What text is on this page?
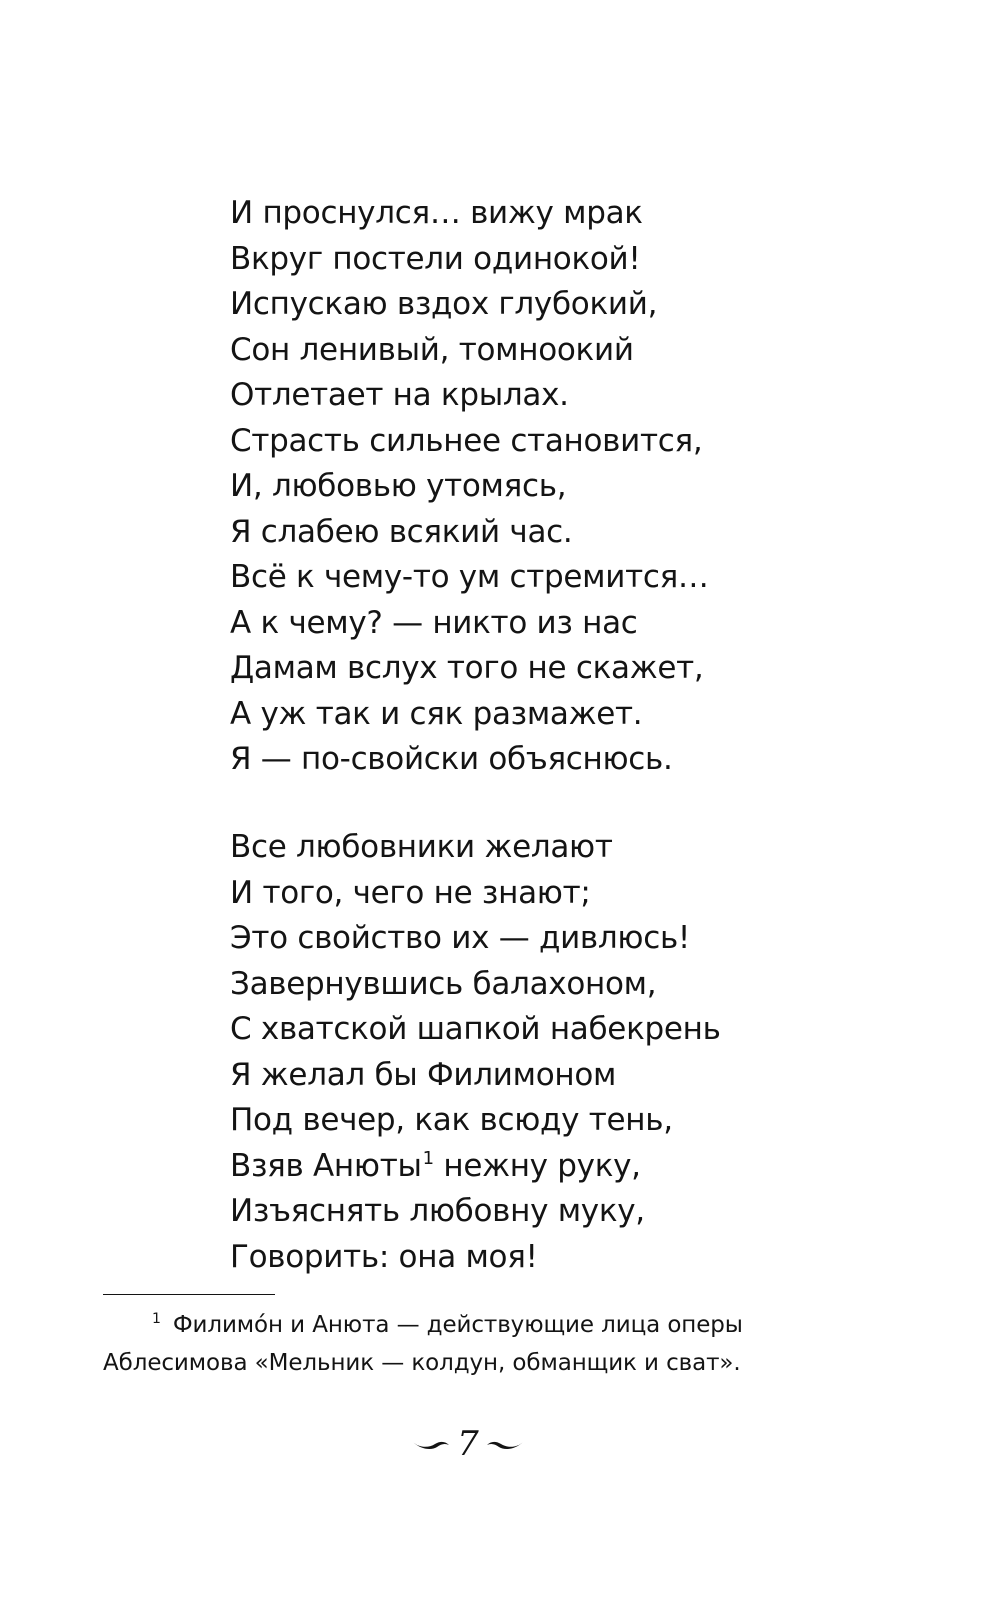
И проснулся… вижу мрак
Вкруг постели одинокой!
Испускаю вздох глубокий,
Сон ленивый, томноокий
Отлетает на крылах.
Страсть сильнее становится,
И, любовью утомясь,
Я слабею всякий час.
Всё к чему-то ум стремится…
А к чему? — никто из нас
Дамам вслух того не скажет,
А уж так и сяк размажет.
Я — по-свойски объяснюсь.
Все любовники желают
И того, чего не знают;
Это свойство их — дивлюсь!
Завернувшись балахоном,
С хватской шапкой набекрень
Я желал бы Филимоном
Под вечер, как всюду тень,
Взяв Анюты$^1$ нежну руку,
Изъяснять любовну муку,
Говорить: она моя!
$^1$ Филимóн и Анюта — действующие лица оперы
Аблесимова «Мельник — колдун, обманщик и сват».
7
